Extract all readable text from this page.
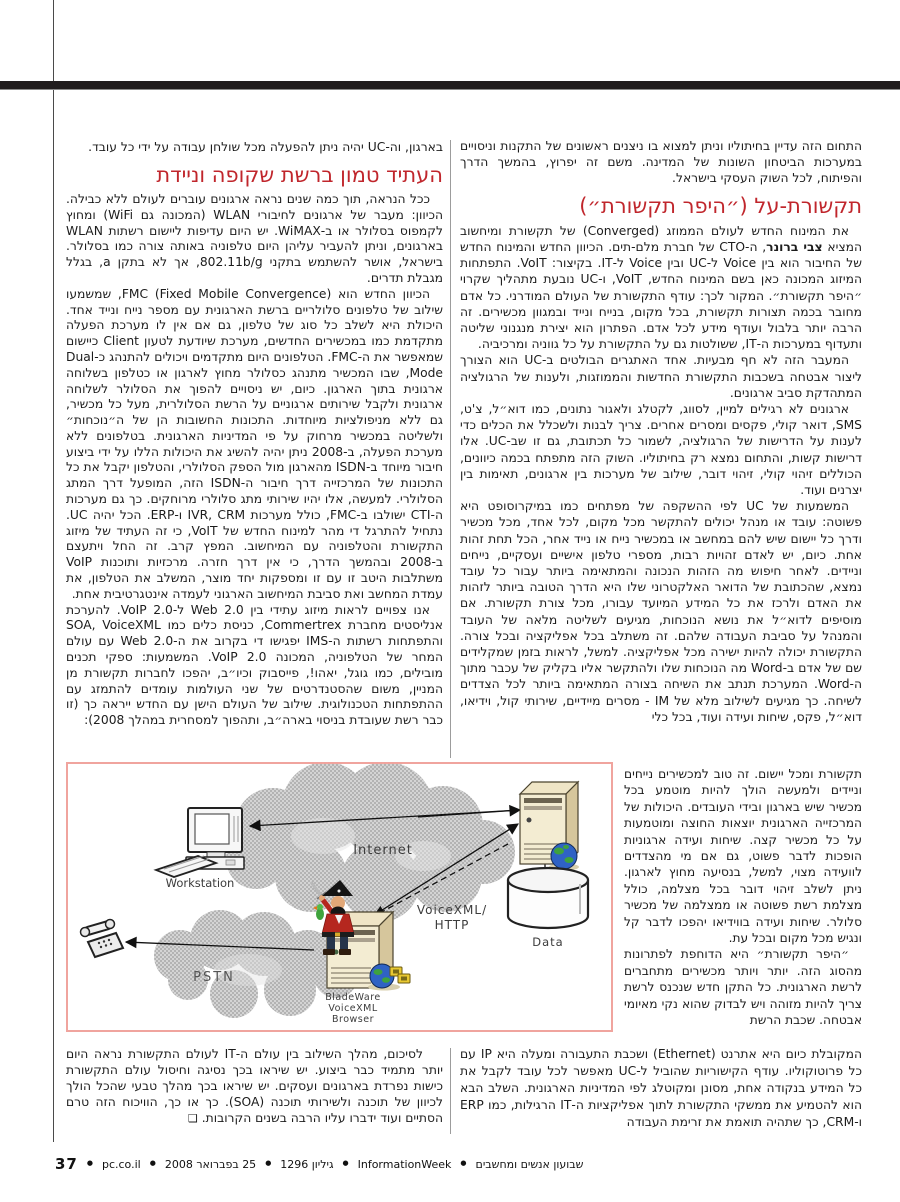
התחום הזה עדיין בחיתוליו וניתן למצוא בו ניצנים ראשונים של התקנות וניסויים במערכות הביטחון השונות של המדינה. משם זה יפרוץ, בהמשך הדרך והפיתוח, לכל השוק העסקי בישראל.

תקשורת-על (״היפר תקשורת״)

את המינוח החדש לעולם הממוזג (Converged) של תקשורת ומיחשוב המציא צבי ברונר, ה-CTO של חברת מלם-תים. הכיוון החדש והמינוח החדש של החיבור הוא בין Voice ל-UC ובין Voice ל-IT. בקיצור: VoIT. התפתחות המיזוג המכונה כאן בשם המינוח החדש, VoIT, ו-UC נובעת מתהליך שקרוי ״היפר תקשורת״. המקור לכך: עודף התקשורת של העולם המודרני. כל אדם מחובר בכמה תצורות תקשורת, בכל מקום, בנייח ונייד ובמגוון מכשירים. זה הרבה יותר בלבול ועודף מידע לכל אדם. הפתרון הוא יצירת מנגנוני שליטה ותעדוף במערכות ה-IT, ששולטות גם על התקשורת על כל גווניה ומרכיביה.

המעבר הזה לא חף מבעיות. אחד האתגרים הבולטים ב-UC הוא הצורך ליצור אבטחה בשכבות התקשורת החדשות והממוזגות, ולענות של הרגולציה המתהדקת סביב ארגונים.

ארגונים לא רגילים למיין, לסווג, לקטלג ולאגור נתונים, כמו דוא״ל, צ'ט, SMS, דואר קולי, פקסים ומסרים אחרים. צריך לבנות ולשכלל את הכלים כדי לענות על הדרישות של הרגולציה, לשמור כל תכתובת, גם זו שב-UC. אלו דרישות קשות, והתחום נמצא רק בחיתוליו. השוק הזה מתפתח בכמה כיוונים, הכוללים זיהוי קולי, זיהוי דובר, שילוב של מערכות בין ארגונים, תאימות בין יצרנים ועוד.

המשמעות של UC לפי ההשקפה של מפתחים כמו במיקרוסופט היא פשוטה: עובד או מנהל יכולים להתקשר מכל מקום, לכל אחד, מכל מכשיר ודרך כל יישום שיש להם במחשב או במכשיר נייח או נייד אחר, הכל תחת זהות אחת. כיום, יש לאדם זהויות רבות, מספרי טלפון אישיים ועסקיים, נייחים וניידים. לאחר חיפוש מה הזהות הנכונה והמתאימה ביותר עבור כל עובד נמצא, שהכתובת של הדואר האלקטרוני שלו היא הדרך הטובה ביותר לזהות את האדם ולרכז את כל המידע המיועד עבורו, מכל צורת תקשורת. אם מוסיפים לדוא״ל את נושא הנוכחות, מגיעים לשליטה מלאה של העובד והמנהל על סביבת העבודה שלהם. זה משתלב בכל אפליקציה ובכל צורה. התקשורת יכולה להיות ישירה מכל אפליקציה. למשל, לראות בזמן שמקלידים שם של אדם ב-Word מה הנוכחות שלו ולהתקשר אליו בקליק של עכבר מתוך ה-Word. המערכת תנתב את השיחה בצורה המתאימה ביותר לכל הצדדים לשיחה. כך מגיעים לשילוב מלא של IM - מסרים מיידיים, שירותי קול, וידיאו, דוא״ל, פקס, שיחות ועידה ועוד, בכל כלי

תקשורת ומכל יישום. זה טוב למכשירים נייחים וניידים ולמעשה הולך להיות מוטמע בכל מכשיר שיש בארגון ובידי העובדים. היכולות של המרכזייה הארגונית יוצאות החוצה ומוטמעות על כל מכשיר קצה. שיחות ועידה ארגוניות הופכות לדבר פשוט, גם אם מי מהצדדים לוועידה מצוי, למשל, בנסיעה מחוץ לארגון. ניתן לשלב זיהוי דובר בכל מצלמה, כולל מצלמת רשת פשוטה או ממצלמה של מכשיר סלולר. שיחות ועידה בווידיאו יהפכו לדבר קל ונגיש מכל מקום ובכל עת.

״היפר תקשורת״ היא הדוחפת לפתרונות מהסוג הזה. יותר ויותר מכשירים מתחברים לרשת הארגונית. כל התקן חדש שנכנס לרשת צריך להיות מזוהה ויש לבדוק שהוא נקי מאיומי אבטחה. שכבת הרשת

המקובלת כיום היא אתרנט (Ethernet) ושכבת התעבורה ומעלה היא IP עם כל פרוטוקוליו. עודף הקישוריות שהוביל ל-UC מאפשר לכל עובד לקבל את כל המידע בנקודה אחת, מסונן ומקוטלג לפי המדיניות הארגונית. השלב הבא הוא להטמיע את ממשקי התקשורת לתוך אפליקציות ה-IT הרגילות, כמו ERP ו-CRM, כך שתהיה תואמת את זרימת העבודה

בארגון, וה-UC יהיה ניתן להפעלה מכל שולחן עבודה על ידי כל עובד.

העתיד טמון ברשת שקופה וניידת

ככל הנראה, תוך כמה שנים נראה ארגונים עוברים לעולם ללא כבילה. הכיוון: מעבר של ארגונים לחיבורי WLAN (המכונה גם WiFi) ומחוץ לקמפוס בסלולר או ב-WiMAX. יש היום עדיפות ליישום רשתות WLAN בארגונים, וניתן להעביר עליהן היום טלפוניה באותה צורה כמו בסלולר. בישראל, אושר להשתמש בתקני 802.11b/g, אך לא בתקן a, בגלל מגבלת תדרים.

הכיוון החדש הוא FMC (Fixed Mobile Convergence), שמשמעו שילוב של טלפונים סלולריים ברשת הארגונית עם מספר נייח ונייד אחד. היכולת היא לשלב כל סוג של טלפון, גם אם אין לו מערכת הפעלה מתקדמת כמו במכשירים החדשים, מערכת שיודעת לטעון Client כיישום שמאפשר את ה-FMC. הטלפונים היום מתקדמים ויכולים להתנהג כ-Dual Mode, שבו המכשיר מתנהג כסלולר מחוץ לארגון או כטלפון בשלוחה ארגונית בתוך הארגון. כיום, יש ניסויים להפוך את הסלולר לשלוחה ארגונית ולקבל שירותים ארגוניים על הרשת הסלולרית, מעל כל מכשיר, גם ללא מניפולציות מיוחדות. התכונות החשובות הן של ה״נוכחות״ ולשליטה במכשיר מרחוק על פי המדיניות הארגונית. בטלפונים ללא מערכת הפעלה, ב-2008 ניתן יהיה להשיג את היכולות הללו על ידי ביצוע חיבור מיוחד ב-ISDN מהארגון מול הספק הסלולרי, והטלפון יקבל את כל התכונות של המרכזייה דרך חיבור ה-ISDN הזה, המופעל דרך המתג הסלולרי. למעשה, אלו יהיו שירותי מתג סלולרי מרוחקים. כך גם מערכות ה-CTI ישולבו ב-FMC, כולל מערכות IVR, CRM ו-ERP. הכל יהיה UC. נתחיל להתרגל די מהר למינוח החדש של VoIT, כי זה העתיד של מיזוג התקשורת והטלפוניה עם המיחשוב. המפץ קרב. זה החל ויתעצם ב-2008 ובהמשך הדרך, כי אין דרך חזרה. מרכזיות ותוכנות VoIP משתלבות היטב זו עם זו ומספקות יחד מוצר, המשלב את הטלפון, את עמדת המחשב ואת סביבת המיחשוב הארגוני לעמדה אינטגרטיבית אחת.

אנו צפויים לראות מיזוג עתידי בין Web 2.0 ל-VoIP 2.0. להערכת אנליסטים מחברת Commertrex, כניסת כלים כמו SOA, VoiceXML והתפתחות רשתות ה-IMS יפגישו די בקרוב את ה-Web 2.0 עם עולם המחר של הטלפוניה, המכונה VoIP 2.0. המשמעות: ספקי תכנים מובילים, כמו גוגל, יאהו!, פייסבוק וכיו״ב, יהפכו לחברות תקשורת מן המניין, משום שהסטנדרטים של שני העולמות עומדים להתמזג עם ההתפתחות הטכנולוגית. שילוב של העולם הישן עם החדש ייראה כך (זו כבר רשת שעובדת בניסוי בארה״ב, ותהפוך למסחרית במהלך 2008):

לסיכום, מהלך השילוב בין עולם ה-IT לעולם התקשורת נראה היום יותר מתמיד כבר ביצוע. יש שיראו בכך נסיגה וחיסול עולם התקשורת כישות נפרדת בארגונים ועסקים. יש שיראו בכך מהלך טבעי שהכל הולך לכיוון של תוכנה ולשירותי תוכנה (SOA). כך או כך, הוויכוח הזה טרם הסתיים ועוד ידברו עליו הרבה בשנים הקרובות. ❑

Internet
PSTN
Workstation
VoiceXML/
HTTP
Data
BladeWare
VoiceXML
Browser
37 ● pc.co.il ● 25 בפברואר 2008 ● גיליון 1296 ● InformationWeek ● שבועון אנשים ומחשבים
